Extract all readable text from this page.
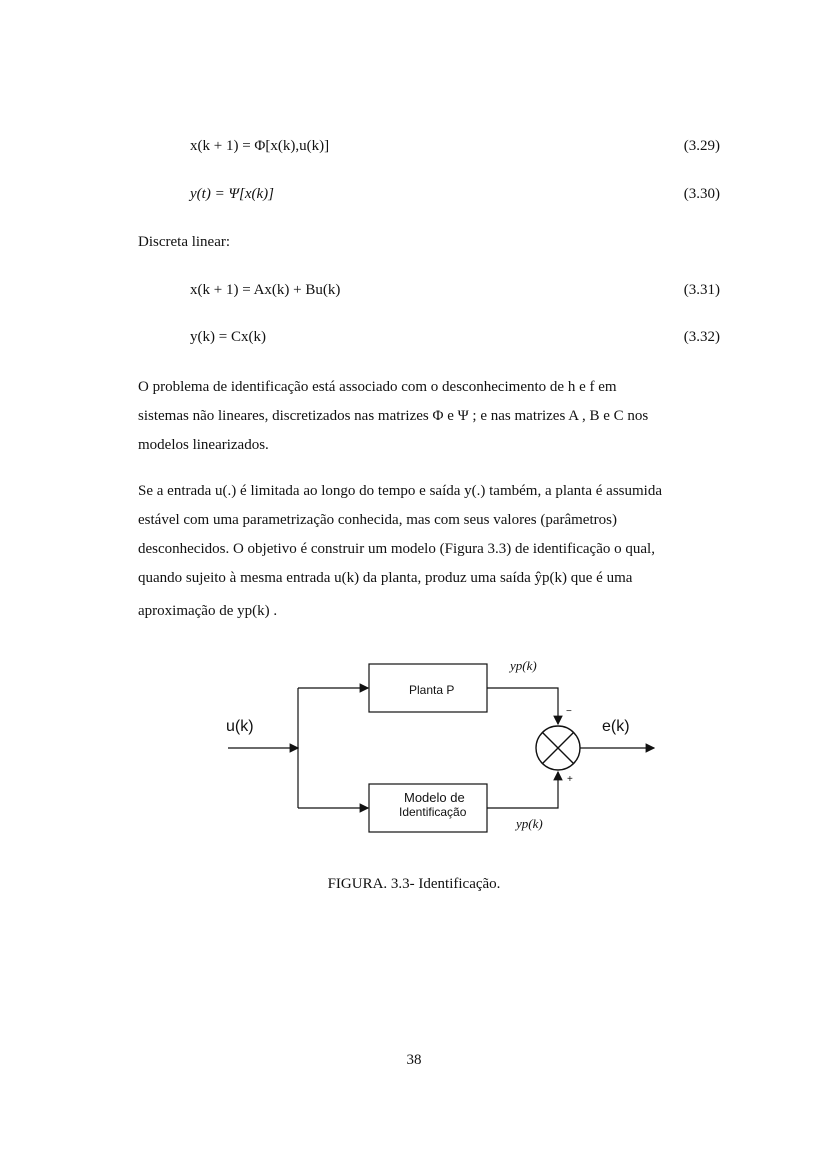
x(k + 1) = Φ[x(k),u(k)]	(3.29)
y(t) = Ψ[x(k)]	(3.30)
Discreta linear:
x(k + 1) = Ax(k) + Bu(k)	(3.31)
y(k) = Cx(k)	(3.32)
O problema de identificação está associado com o desconhecimento de h e f em
sistemas não lineares, discretizados nas matrizes Φ e Ψ ; e nas matrizes A , B e C nos
modelos linearizados.
Se a entrada u(.) é limitada ao longo do tempo e saída y(.) também, a planta é assumida
estável com uma parametrização conhecida, mas com seus valores (parâmetros)
desconhecidos. O objetivo é construir um modelo (Figura 3.3) de identificação o qual,
quando sujeito à mesma entrada u(k) da planta, produz uma saída ŷp(k) que é uma
aproximação de yp(k) .
u(k)	e(k)
Planta P
Modelo de
Identificação
yp(k)
yp(k)
−
+
FIGURA. 3.3- Identificação.
38
